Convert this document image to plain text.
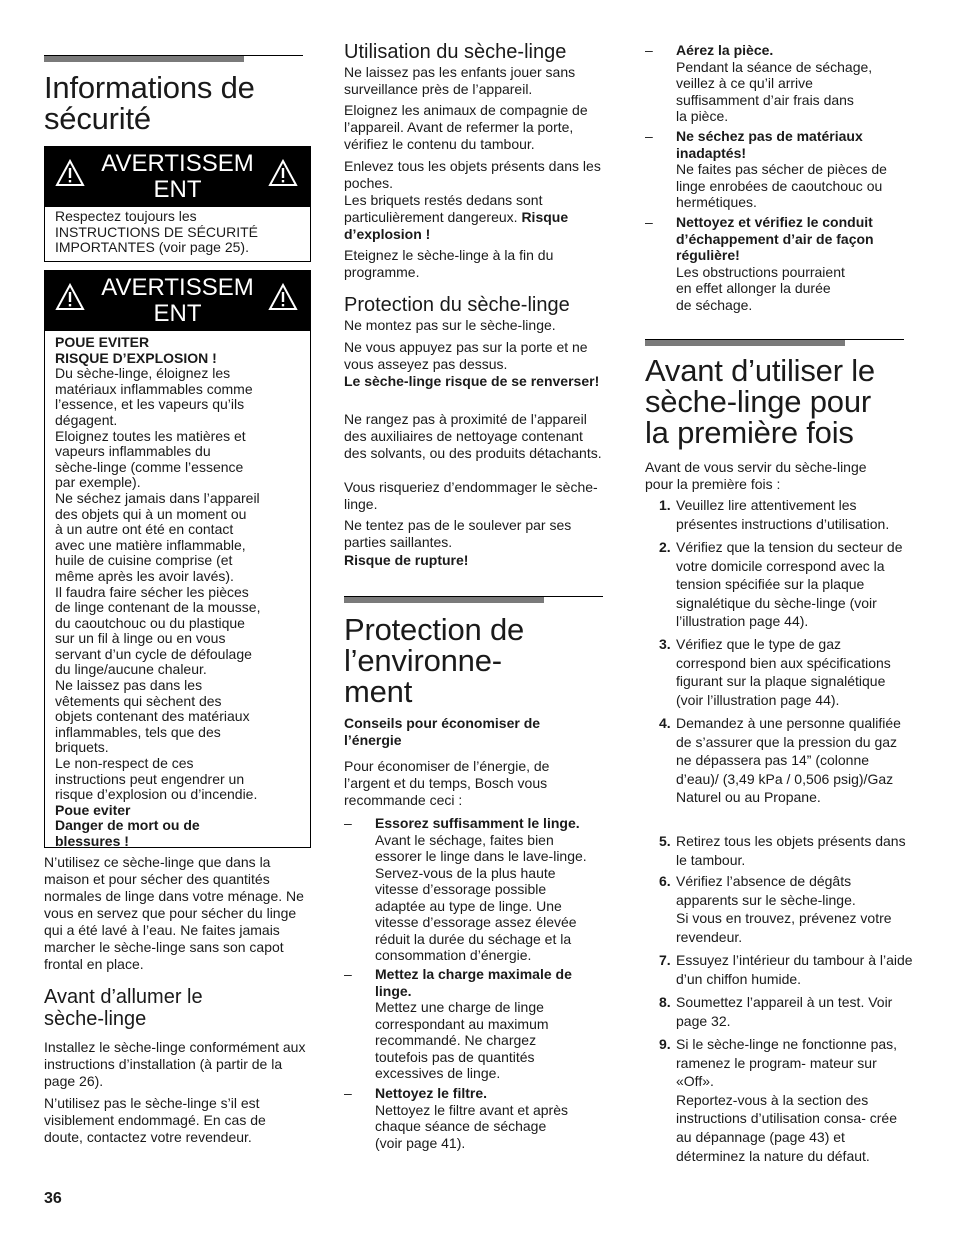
Informations de
sécurité
AVERTISSEM
ENT
Respectez toujours les INSTRUCTIONS DE SÉCURITÉ IMPORTANTES (voir page 25).
AVERTISSEM
ENT
POUE EVITER
RISQUE D’EXPLOSION !
Du sèche-linge, éloignez les
matériaux inflammables comme
l’essence, et les vapeurs qu’ils
dégagent.
Eloignez toutes les matières et
vapeurs inflammables du
sèche-linge (comme l’essence
par exemple).
Ne séchez jamais dans l’appareil
des objets qui à un moment ou
à un autre ont été en contact
avec une matière inflammable,
huile de cuisine comprise (et
même après les avoir lavés).
Il faudra faire sécher les pièces
de linge contenant de la mousse,
du caoutchouc ou du plastique
sur un fil à linge ou en vous
servant d’un cycle de défoulage
du linge/aucune chaleur.
Ne laissez pas dans les
vêtements qui sèchent des
objets contenant des matériaux
inflammables, tels que des
briquets.
Le non-respect de ces
instructions peut engendrer un
risque d’explosion ou d’incendie.
Poue eviter
Danger de mort ou de
blessures !
N’utilisez ce sèche-linge que dans la maison et pour sécher des quantités normales de linge dans votre ménage. Ne vous en servez que pour sécher du linge qui a été lavé à l’eau. Ne faites jamais marcher le sèche-linge sans son capot frontal en place.
Avant d’allumer le
sèche-linge
Installez le sèche-linge conformément aux instructions d’installation (à partir de la page 26).
N’utilisez pas le sèche-linge s’il est visiblement endommagé. En cas de doute, contactez votre revendeur.
Utilisation du sèche-linge
Ne laissez pas les enfants jouer sans surveillance près de l’appareil.
Eloignez les animaux de compagnie de l’appareil. Avant de refermer la porte, vérifiez le contenu du tambour.
Enlevez tous les objets présents dans les poches.
Les briquets restés dedans sont particulièrement dangereux. Risque d’explosion !
Eteignez le sèche-linge à la fin du programme.
Protection du sèche-linge
Ne montez pas sur le sèche-linge.
Ne vous appuyez pas sur la porte et ne vous asseyez pas dessus.
Le sèche-linge risque de se renverser!
Ne rangez pas à proximité de l’appareil des auxiliaires de nettoyage contenant des solvants, ou des produits détachants.
Vous risqueriez d’endommager le sèche-linge.
Ne tentez pas de le soulever par ses parties saillantes.
Risque de rupture!
Protection de
l’environne-
ment
Conseils pour économiser de
l’énergie
Pour économiser de l’énergie, de l’argent et du temps, Bosch vous recommande ceci :
– Essorez suffisamment le linge.
Avant le séchage, faites bien
essorer le linge dans le lave-linge.
Servez-vous de la plus haute
vitesse d’essorage possible
adaptée au type de linge. Une
vitesse d’essorage assez élevée
réduit la durée du séchage et la
consommation d’énergie.
– Mettez la charge maximale de
linge.
Mettez une charge de linge
correspondant au maximum
recommandé. Ne chargez
toutefois pas de quantités
excessives de linge.
– Nettoyez le filtre.
Nettoyez le filtre avant et après
chaque séance de séchage
(voir page 41).
– Aérez la pièce.
Pendant la séance de séchage,
veillez à ce qu’il arrive
suffisamment d’air frais dans
la pièce.
– Ne séchez pas de matériaux
inadaptés!
Ne faites pas sécher de pièces de
linge enrobées de caoutchouc ou
hermétiques.
– Nettoyez et vérifiez le conduit
d’échappement d’air de façon
régulière!
Les obstructions pourraient
en effet allonger la durée
de séchage.
Avant d’utiliser le
sèche-linge pour
la première fois
Avant de vous servir du sèche-linge pour la première fois :
1. Veuillez lire attentivement les présentes instructions d’utilisation.
2. Vérifiez que la tension du secteur de votre domicile correspond avec la tension spécifiée sur la plaque signalétique du sèche-linge (voir l’illustration page 44).
3. Vérifiez que le type de gaz correspond bien aux spécifications figurant sur la plaque signalétique (voir l’illustration page 44).
4. Demandez à une personne qualifiée de s’assurer que la pression du gaz ne dépassera pas 14” (colonne d’eau)/ (3,49 kPa / 0,506 psig)/Gaz Naturel ou au Propane.
5. Retirez tous les objets présents dans le tambour.
6. Vérifiez l’absence de dégâts apparents sur le sèche-linge.
Si vous en trouvez, prévenez votre revendeur.
7. Essuyez l’intérieur du tambour à l’aide d’un chiffon humide.
8. Soumettez l’appareil à un test. Voir page 32.
9. Si le sèche-linge ne fonctionne pas, ramenez le program- mateur sur «Off».
Reportez-vous à la section des instructions d’utilisation consa- crée au dépannage (page 43) et déterminez la nature du défaut.
36
